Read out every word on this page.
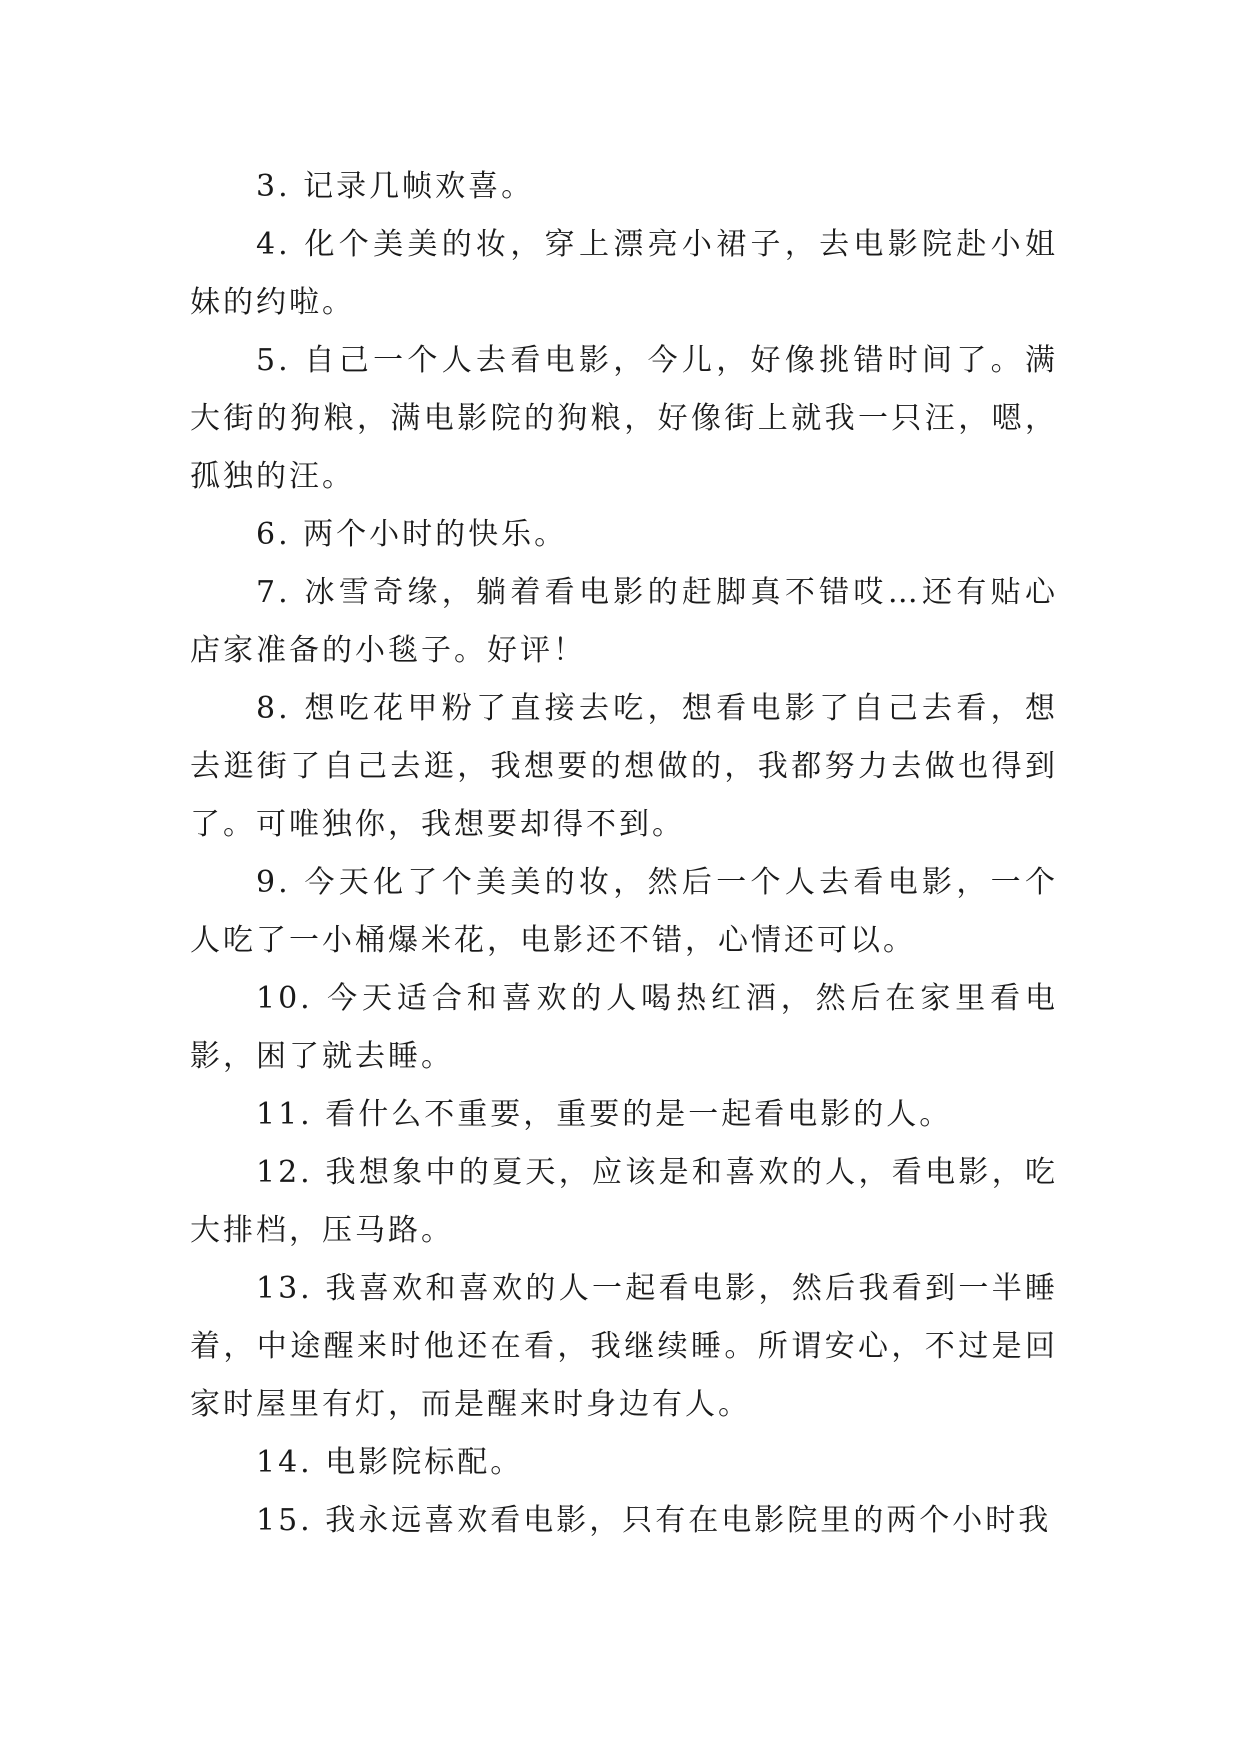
3. 记录几帧欢喜。

4. 化个美美的妆，穿上漂亮小裙子，去电影院赴小姐妹的约啦。

5. 自己一个人去看电影，今儿，好像挑错时间了。满大街的狗粮，满电影院的狗粮，好像街上就我一只汪，嗯，孤独的汪。

6. 两个小时的快乐。

7. 冰雪奇缘，躺着看电影的赶脚真不错哎…还有贴心店家准备的小毯子。好评！

8. 想吃花甲粉了直接去吃，想看电影了自己去看，想去逛街了自己去逛，我想要的想做的，我都努力去做也得到了。可唯独你，我想要却得不到。

9. 今天化了个美美的妆，然后一个人去看电影，一个人吃了一小桶爆米花，电影还不错，心情还可以。

10. 今天适合和喜欢的人喝热红酒，然后在家里看电影，困了就去睡。

11. 看什么不重要，重要的是一起看电影的人。

12. 我想象中的夏天，应该是和喜欢的人，看电影，吃大排档，压马路。

13. 我喜欢和喜欢的人一起看电影，然后我看到一半睡着，中途醒来时他还在看，我继续睡。所谓安心，不过是回家时屋里有灯，而是醒来时身边有人。

14. 电影院标配。

15. 我永远喜欢看电影，只有在电影院里的两个小时我
